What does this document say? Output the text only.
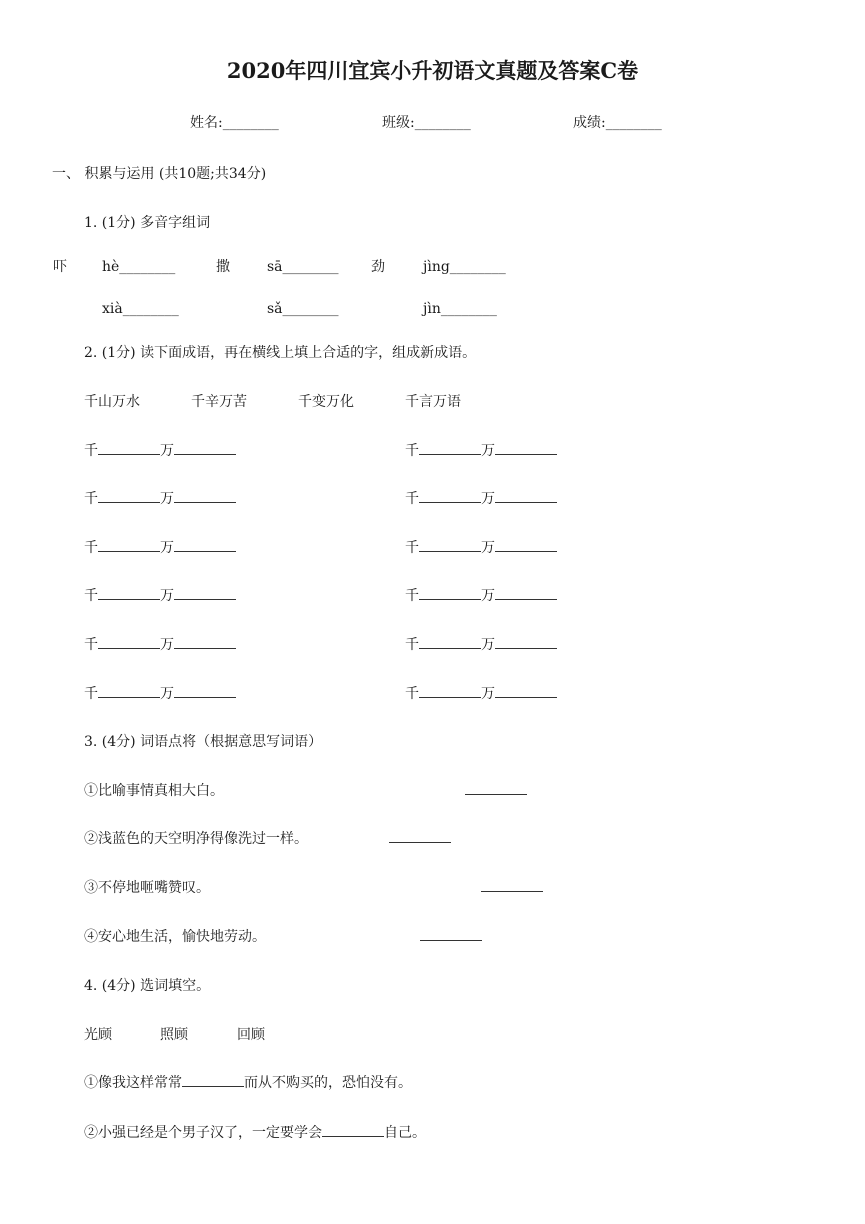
2020年四川宜宾小升初语文真题及答案C卷
姓名:________	班级:________	成绩:________
一、 积累与运用 (共10题;共34分)
1. (1分) 多音字组词
吓	hè________	撒	sā________ 劲	jìng________
xià________	sǎ________	jìn________
2. (1分) 读下面成语，再在横线上填上合适的字，组成新成语。
千山万水	千辛万苦	千变万化	千言万语
千	万	千	万
千	万	千	万
千	万	千	万
千	万	千	万
千	万	千	万
千	万	千	万
3. (4分) 词语点将（根据意思写词语）
①比喻事情真相大白。
②浅蓝色的天空明净得像洗过一样。
③不停地咂嘴赞叹。
④安心地生活，愉快地劳动。
4. (4分) 选词填空。
光顾	照顾	回顾
①像我这样常常	而从不购买的，恐怕没有。
②小强已经是个男子汉了，一定要学会	自己。
